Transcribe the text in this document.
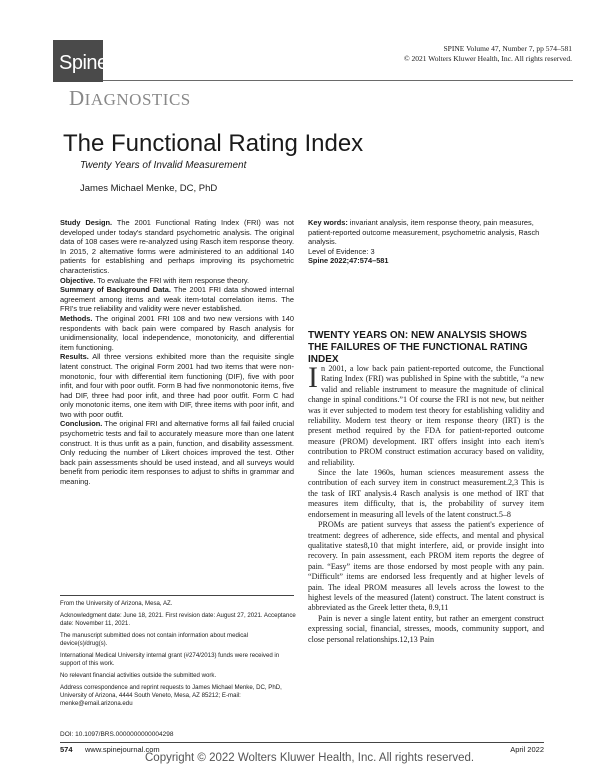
Spine
DIAGNOSTICS
SPINE Volume 47, Number 7, pp 574–581
© 2021 Wolters Kluwer Health, Inc. All rights reserved.
The Functional Rating Index
Twenty Years of Invalid Measurement
James Michael Menke, DC, PhD

Study Design. The 2001 Functional Rating Index (FRI) was not developed under today's standard psychometric analysis. The original data of 108 cases were re-analyzed using Rasch item response theory. In 2015, 2 alternative forms were administered to an additional 140 patients for establishing and perhaps improving its psychometric characteristics.

Objective. To evaluate the FRI with item response theory.

Summary of Background Data. The 2001 FRI data showed internal agreement among items and weak item-total correlation items. The FRI's true reliability and validity were never established.

Methods. The original 2001 FRI 108 and two new versions with 140 respondents with back pain were compared by Rasch analysis for unidimensionality, local independence, monotonicity, and differential item functioning.

Results. All three versions exhibited more than the requisite single latent construct. The original Form 2001 had two items that were non-monotonic, four with differential item functioning (DIF), five with poor infit, and four with poor outfit. Form B had five nonmonotonic items, five had DIF, three had poor infit, and three had poor outfit. Form C had only monotonic items, one item with DIF, three items with poor infit, and two with poor outfit.

Conclusion. The original FRI and alternative forms all fail failed crucial psychometric tests and fail to accurately measure more than one latent construct. It is thus unfit as a pain, function, and disability assessment. Only reducing the number of Likert choices improved the test. Other back pain assessments should be used instead, and all surveys would benefit from periodic item responses to adjust to shifts in grammar and meaning.

Key words: invariant analysis, item response theory, pain measures, patient-reported outcome measurement, psychometric analysis, Rasch analysis.

Level of Evidence: 3

Spine 2022;47:574–581

TWENTY YEARS ON: NEW ANALYSIS SHOWS THE FAILURES OF THE FUNCTIONAL RATING INDEX

In 2001, a low back pain patient-reported outcome, the Functional Rating Index (FRI) was published in Spine with the subtitle, “a new valid and reliable instrument to measure the magnitude of clinical change in spinal conditions.”1 Of course the FRI is not new, but neither was it ever subjected to modern test theory for establishing validity and reliability. Modern test theory or item response theory (IRT) is the present method required by the FDA for patient-reported outcome measure (PROM) development. IRT offers insight into each item's contribution to PROM construct estimation accuracy based on validity, and reliability.

Since the late 1960s, human sciences measurement assess the contribution of each survey item in construct measurement.2,3 This is the task of IRT analysis.4 Rasch analysis is one method of IRT that measures item difficulty, that is, the probability of survey item endorsement in measuring all levels of the latent construct.5–8

PROMs are patient surveys that assess the patient's experience of treatment: degrees of adherence, side effects, and mental and physical qualitative states8,10 that might interfere, aid, or provide insight into recovery. In pain assessment, each PROM item reports the degree of pain. “Easy” items are those endorsed by most people with any pain. “Difficult” items are endorsed less frequently and at higher levels of pain. The ideal PROM measures all levels across the lowest to the highest levels of the measured (latent) construct. The latent construct is abbreviated as the Greek letter theta, θ.9,11

Pain is never a single latent entity, but rather an emergent construct expressing social, financial, stresses, moods, community support, and close personal relationships.12,13 Pain

From the University of Arizona, Mesa, AZ.

Acknowledgment date: June 18, 2021. First revision date: August 27, 2021. Acceptance date: November 11, 2021.

The manuscript submitted does not contain information about medical device(s)/drug(s).

International Medical University internal grant (#274/2013) funds were received in support of this work.

No relevant financial activities outside the submitted work.

Address correspondence and reprint requests to James Michael Menke, DC, PhD, University of Arizona, 4444 South Veneto, Mesa, AZ 85212; E-mail: menke@email.arizona.edu

DOI: 10.1097/BRS.0000000000004298
574 www.spinejournal.com	April 2022
Copyright © 2022 Wolters Kluwer Health, Inc. All rights reserved.
